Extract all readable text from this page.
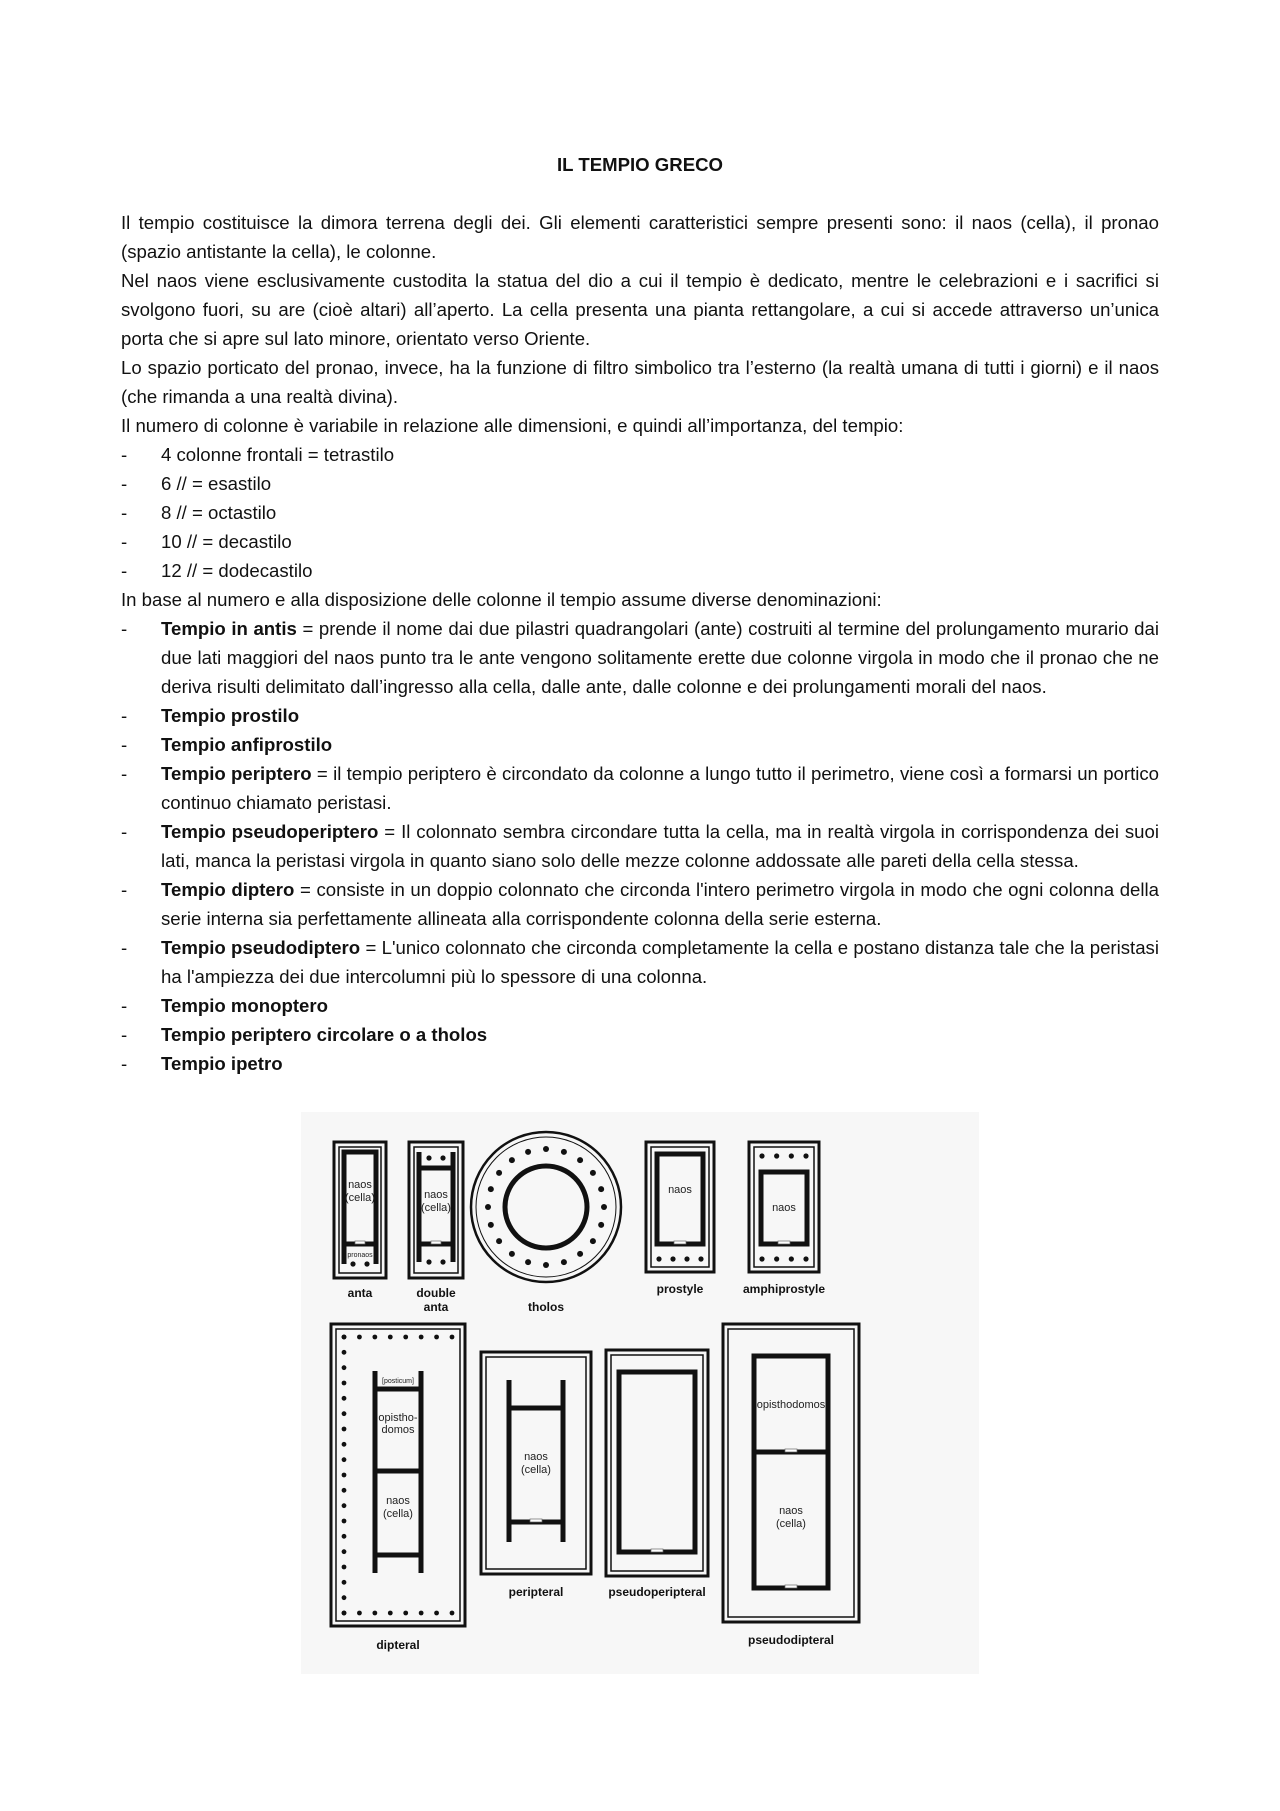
IL TEMPIO GRECO

Il tempio costituisce la dimora terrena degli dei. Gli elementi caratteristici sempre presenti sono: il naos (cella), il pronao (spazio antistante la cella), le colonne.

Nel naos viene esclusivamente custodita la statua del dio a cui il tempio è dedicato, mentre le celebrazioni e i sacrifici si svolgono fuori, su are (cioè altari) all’aperto. La cella presenta una pianta rettangolare, a cui si accede attraverso un’unica porta che si apre sul lato minore, orientato verso Oriente.

Lo spazio porticato del pronao, invece, ha la funzione di filtro simbolico tra l’esterno (la realtà umana di tutti i giorni) e il naos (che rimanda a una realtà divina).

Il numero di colonne è variabile in relazione alle dimensioni, e quindi all’importanza, del tempio:

- 4 colonne frontali = tetrastilo
- 6 // = esastilo
- 8 // = octastilo
- 10 // = decastilo
- 12 // = dodecastilo

In base al numero e alla disposizione delle colonne il tempio assume diverse denominazioni:

- Tempio in antis = prende il nome dai due pilastri quadrangolari (ante) costruiti al termine del prolungamento murario dai due lati maggiori del naos punto tra le ante vengono solitamente erette due colonne virgola in modo che il pronao che ne deriva risulti delimitato dall’ingresso alla cella, dalle ante, dalle colonne e dei prolungamenti morali del naos.
- Tempio prostilo
- Tempio anfiprostilo
- Tempio periptero = il tempio periptero è circondato da colonne a lungo tutto il perimetro, viene così a formarsi un portico continuo chiamato peristasi.
- Tempio pseudoperiptero = Il colonnato sembra circondare tutta la cella, ma in realtà virgola in corrispondenza dei suoi lati, manca la peristasi virgola in quanto siano solo delle mezze colonne addossate alle pareti della cella stessa.
- Tempio diptero = consiste in un doppio colonnato che circonda l'intero perimetro virgola in modo che ogni colonna della serie interna sia perfettamente allineata alla corrispondente colonna della serie esterna.
- Tempio pseudodiptero = L'unico colonnato che circonda completamente la cella e postano distanza tale che la peristasi ha l'ampiezza dei due intercolumni più lo spessore di una colonna.
- Tempio monoptero
- Tempio periptero circolare o a tholos
- Tempio ipetro
naos
(cella)
pronaos
anta
naos
(cella)
double
anta	tholos
naos
prostyle
naos
amphiprostyle
[posticum]
opistho-
domos
naos
(cella)
dipteral
naos
(cella)
peripteral	pseudoperipteral
opisthodomos
naos
(cella)
pseudodipteral
